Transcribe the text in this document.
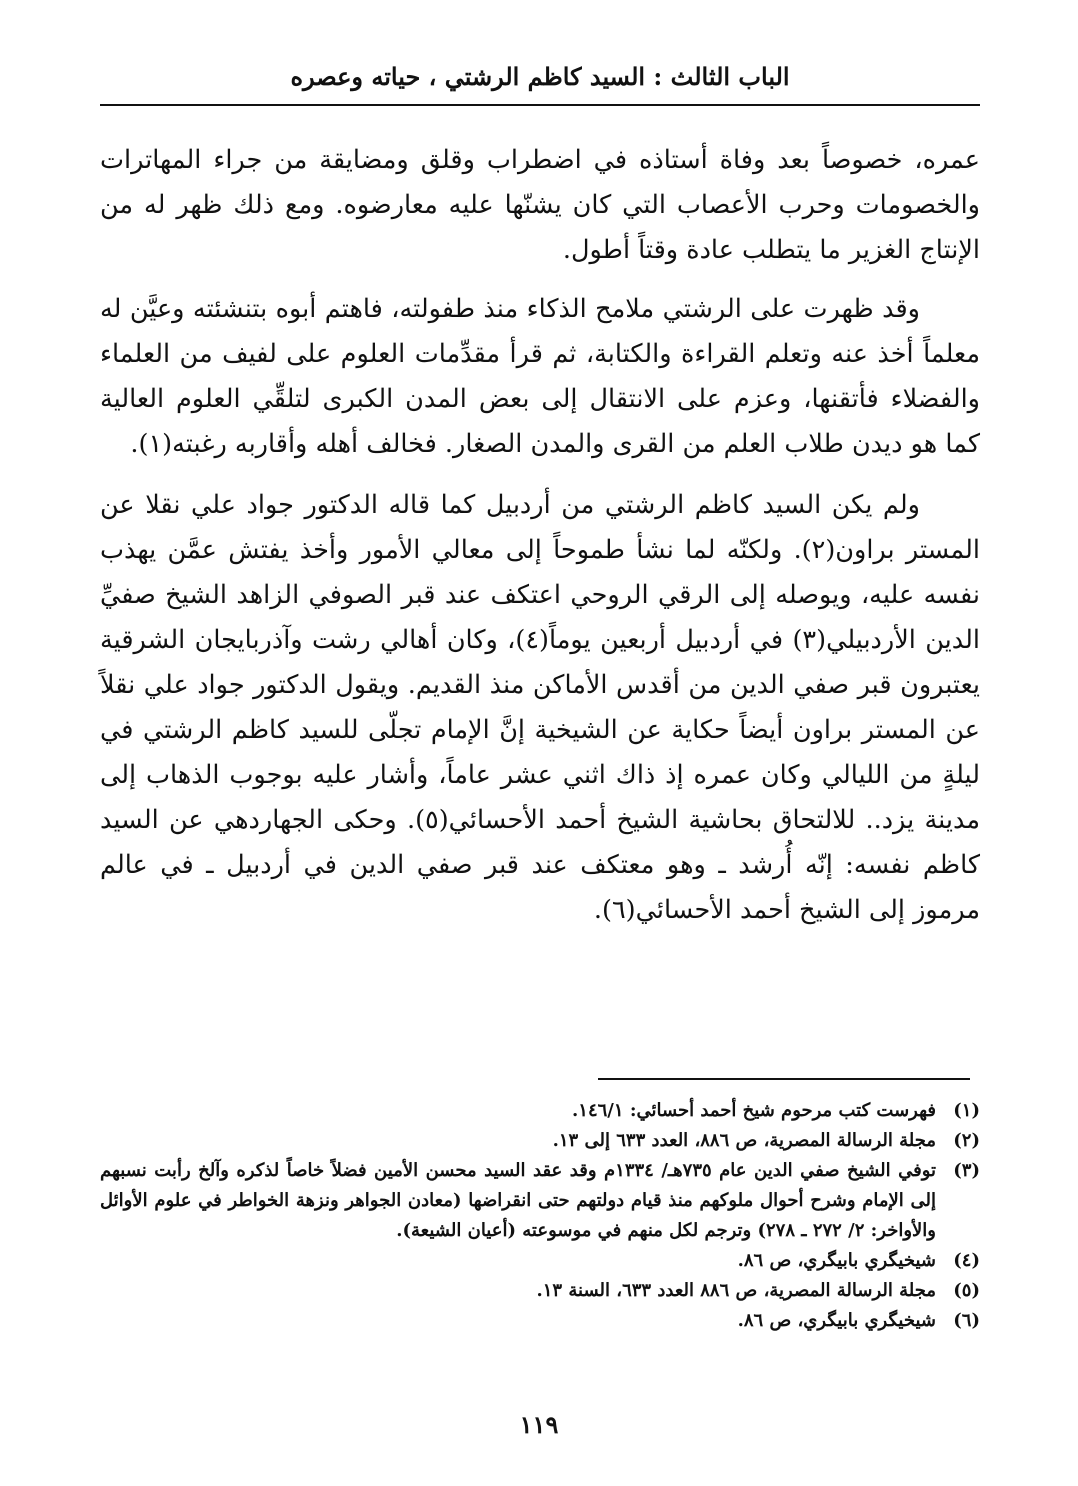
الباب الثالث : السيد كاظم الرشتي ، حياته وعصره

عمره، خصوصاً بعد وفاة أستاذه في اضطراب وقلق ومضايقة من جراء المهاترات والخصومات وحرب الأعصاب التي كان يشنّها عليه معارضوه. ومع ذلك ظهر له من الإنتاج الغزير ما يتطلب عادة وقتاً أطول.

وقد ظهرت على الرشتي ملامح الذكاء منذ طفولته، فاهتم أبوه بتنشئته وعيَّن له معلماً أخذ عنه وتعلم القراءة والكتابة، ثم قرأ مقدِّمات العلوم على لفيف من العلماء والفضلاء فأتقنها، وعزم على الانتقال إلى بعض المدن الكبرى لتلقِّي العلوم العالية كما هو ديدن طلاب العلم من القرى والمدن الصغار. فخالف أهله وأقاربه رغبته(١).

ولم يكن السيد كاظم الرشتي من أردبيل كما قاله الدكتور جواد علي نقلا عن المستر براون(٢). ولكنّه لما نشأ طموحاً إلى معالي الأمور وأخذ يفتش عمَّن يهذب نفسه عليه، ويوصله إلى الرقي الروحي اعتكف عند قبر الصوفي الزاهد الشيخ صفيِّ الدين الأردبيلي(٣) في أردبيل أربعين يوماً(٤)، وكان أهالي رشت وآذربايجان الشرقية يعتبرون قبر صفي الدين من أقدس الأماكن منذ القديم. ويقول الدكتور جواد علي نقلاً عن المستر براون أيضاً حكاية عن الشيخية إنَّ الإمام تجلّى للسيد كاظم الرشتي في ليلةٍ من الليالي وكان عمره إذ ذاك اثني عشر عاماً، وأشار عليه بوجوب الذهاب إلى مدينة يزد.. للالتحاق بحاشية الشيخ أحمد الأحسائي(٥). وحكى الجهاردهي عن السيد كاظم نفسه: إنّه أُرشد ـ وهو معتكف عند قبر صفي الدين في أردبيل ـ في عالم مرموز إلى الشيخ أحمد الأحسائي(٦).

(١)
فهرست كتب مرحوم شيخ أحمد أحسائي: ١٤٦/١.
(٢)
مجلة الرسالة المصرية، ص ٨٨٦، العدد ٦٣٣ إلى ١٣.
(٣)
توفي الشيخ صفي الدين عام ٧٣٥هـ/ ١٣٣٤م وقد عقد السيد محسن الأمين فضلاً خاصاً لذكره وآلخ رأبت نسبهم إلى الإمام وشرح أحوال ملوكهم منذ قيام دولتهم حتى انقراضها (معادن الجواهر ونزهة الخواطر في علوم الأوائل والأواخر: ٢/ ٢٧٢ ـ ٢٧٨) وترجم لكل منهم في موسوعته (أعيان الشيعة).
(٤)
شيخيگري بابيگري، ص ٨٦.
(٥)
مجلة الرسالة المصرية، ص ٨٨٦ العدد ٦٣٣، السنة ١٣.
(٦)
شيخيگري بابيگري، ص ٨٦.
١١٩
